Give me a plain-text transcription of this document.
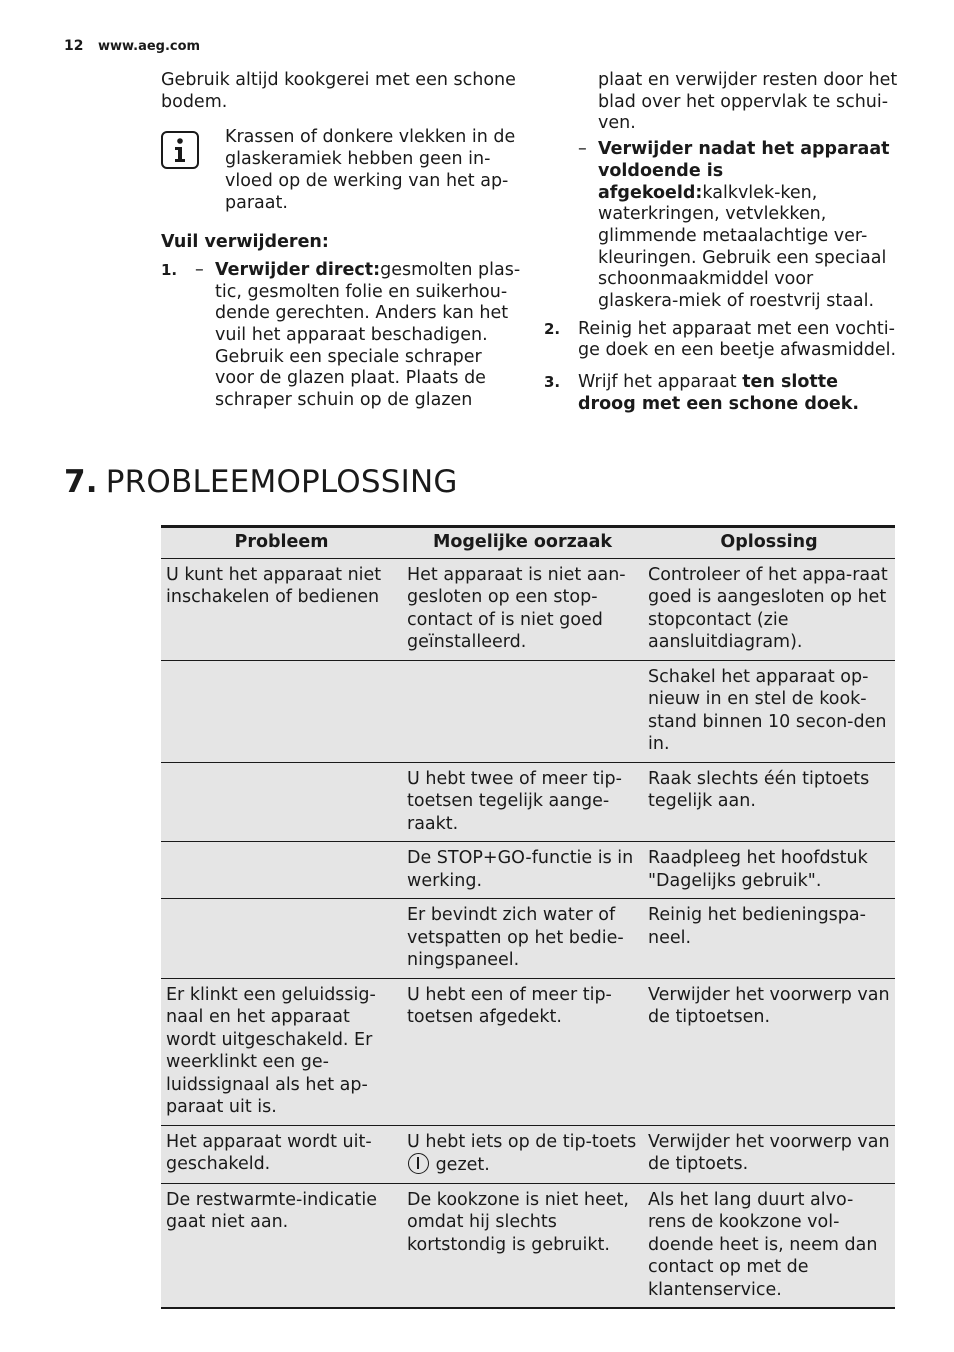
12 www.aeg.com
Gebruik altijd kookgerei met een schone bodem.
Krassen of donkere vlekken in de glaskeramiek hebben geen in-vloed op de werking van het ap-paraat.
Vuil verwijderen:
1.	– Verwijder direct:gesmolten plas-tic, gesmolten folie en suikerhou-dende gerechten. Anders kan het vuil het apparaat beschadigen. Gebruik een speciale schraper voor de glazen plaat. Plaats de schraper schuin op de glazen
plaat en verwijder resten door het blad over het oppervlak te schui-ven.
– Verwijder nadat het apparaat voldoende is afgekoeld:kalkvlek-ken, waterkringen, vetvlekken, glimmende metaalachtige ver-kleuringen. Gebruik een speciaal schoonmaakmiddel voor glaskera-miek of roestvrij staal.
2.	Reinig het apparaat met een vochti-ge doek en een beetje afwasmiddel.
3.	Wrijf het apparaat ten slotte droog met een schone doek.
7. PROBLEEMOPLOSSING
Probleem	Mogelijke oorzaak	Oplossing
U kunt het apparaat niet inschakelen of bedienen	Het apparaat is niet aan-gesloten op een stop-contact of is niet goed geïnstalleerd.	Controleer of het appa-raat goed is aangesloten op het stopcontact (zie aansluitdiagram).
		Schakel het apparaat op-nieuw in en stel de kook-stand binnen 10 secon-den in.
	U hebt twee of meer tip-toetsen tegelijk aange-raakt.	Raak slechts één tiptoets tegelijk aan.
	De STOP+GO-functie is in werking.	Raadpleeg het hoofdstuk "Dagelijks gebruik".
	Er bevindt zich water of vetspatten op het bedie-ningspaneel.	Reinig het bedieningspa-neel.
Er klinkt een geluidssig-naal en het apparaat wordt uitgeschakeld. Er weerklinkt een ge-luidssignaal als het ap-paraat uit is.	U hebt een of meer tip-toetsen afgedekt.	Verwijder het voorwerp van de tiptoetsen.
Het apparaat wordt uit-geschakeld.	U hebt iets op de tip-toets  gezet.	Verwijder het voorwerp van de tiptoets.
De restwarmte-indicatie gaat niet aan.	De kookzone is niet heet, omdat hij slechts kortstondig is gebruikt.	Als het lang duurt alvo-rens de kookzone vol-doende heet is, neem dan contact op met de klantenservice.
